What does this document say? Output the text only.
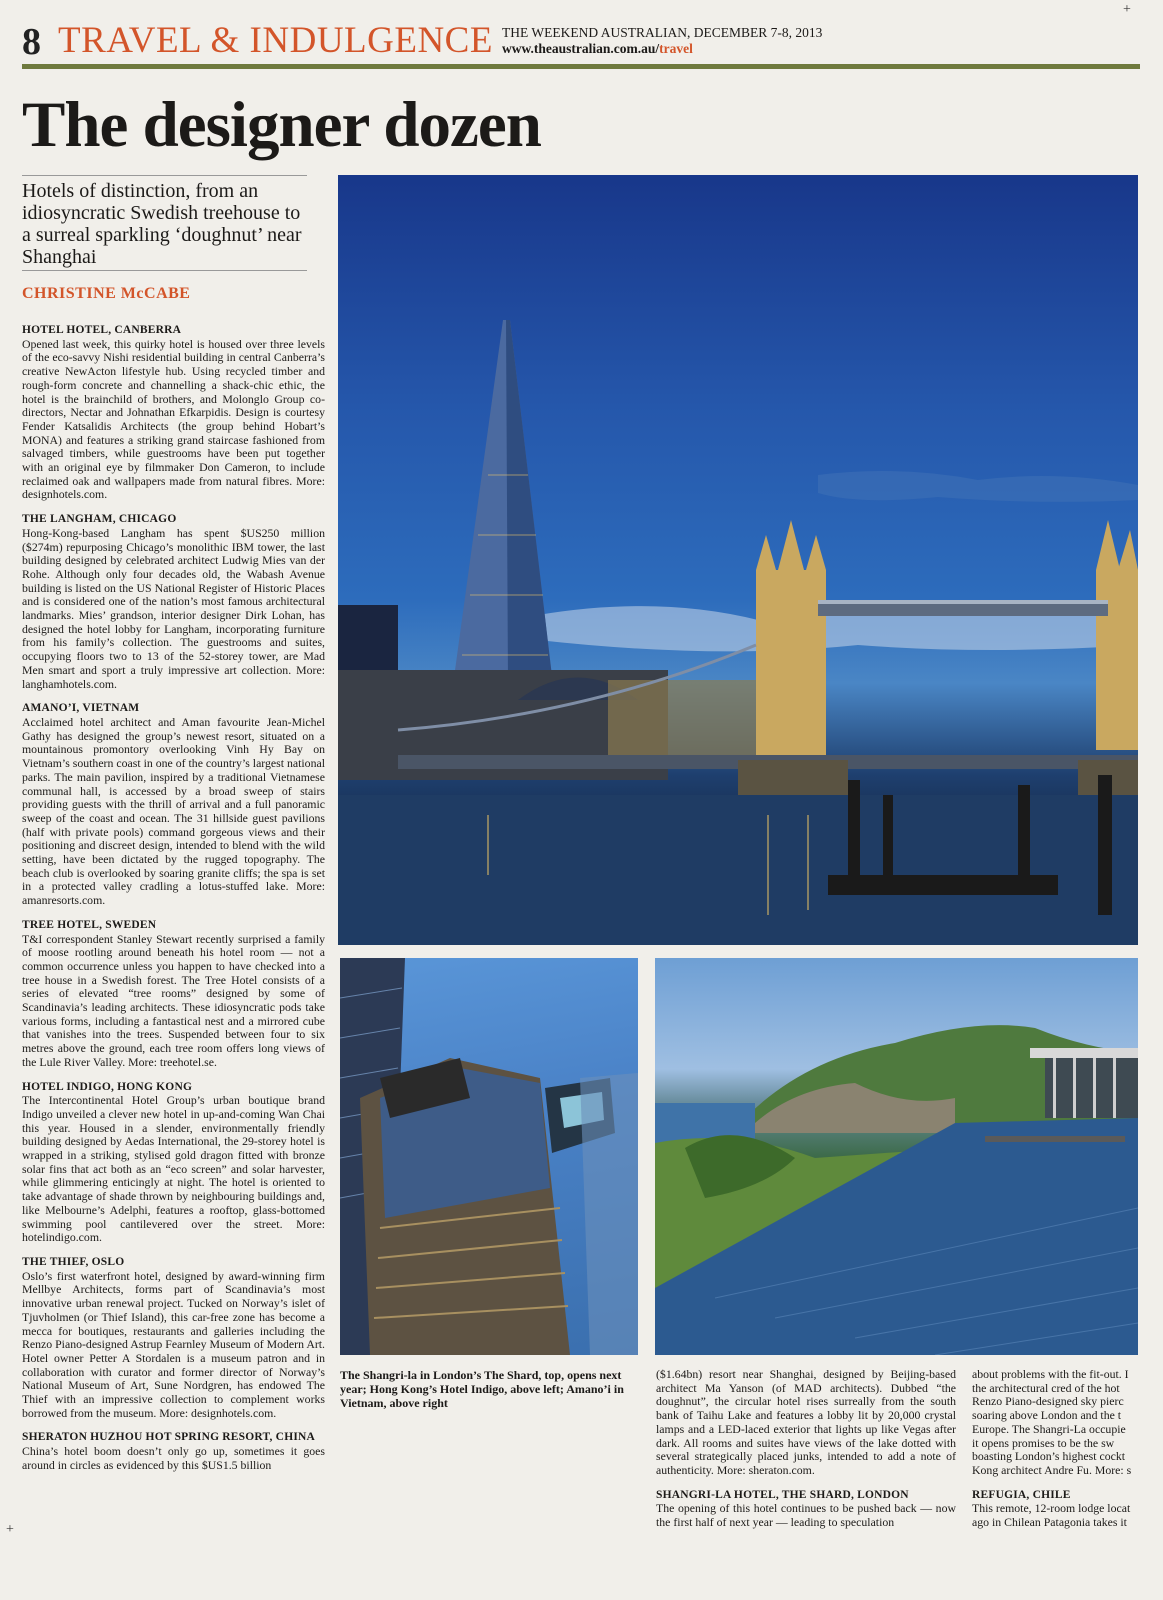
8 TRAVEL & INDULGENCE THE WEEKEND AUSTRALIAN, DECEMBER 7-8, 2013
www.theaustralian.com.au/travel
The designer dozen
Hotels of distinction, from an idiosyncratic Swedish treehouse to a surreal sparkling ‘doughnut’ near Shanghai
CHRISTINE McCABE
HOTEL HOTEL, CANBERRA
Opened last week, this quirky hotel is housed over three levels of the eco-savvy Nishi residential building in central Canberra’s creative NewActon lifestyle hub. Using recycled timber and rough-form concrete and channelling a shack-chic ethic, the hotel is the brainchild of brothers, and Molonglo Group co-directors, Nectar and Johnathan Efkarpidis. Design is courtesy Fender Katsalidis Architects (the group behind Hobart’s MONA) and features a striking grand staircase fashioned from salvaged timbers, while guestrooms have been put together with an original eye by filmmaker Don Cameron, to include reclaimed oak and wallpapers made from natural fibres. More: designhotels.com.
THE LANGHAM, CHICAGO
Hong-Kong-based Langham has spent $US250 million ($274m) repurposing Chicago’s monolithic IBM tower, the last building designed by celebrated architect Ludwig Mies van der Rohe. Although only four decades old, the Wabash Avenue building is listed on the US National Register of Historic Places and is considered one of the nation’s most famous architectural landmarks. Mies’ grandson, interior designer Dirk Lohan, has designed the hotel lobby for Langham, incorporating furniture from his family’s collection. The guestrooms and suites, occupying floors two to 13 of the 52-storey tower, are Mad Men smart and sport a truly impressive art collection. More: langhamhotels.com.
AMANO’I, VIETNAM
Acclaimed hotel architect and Aman favourite Jean-Michel Gathy has designed the group’s newest resort, situated on a mountainous promontory overlooking Vinh Hy Bay on Vietnam’s southern coast in one of the country’s largest national parks. The main pavilion, inspired by a traditional Vietnamese communal hall, is accessed by a broad sweep of stairs providing guests with the thrill of arrival and a full panoramic sweep of the coast and ocean. The 31 hillside guest pavilions (half with private pools) command gorgeous views and their positioning and discreet design, intended to blend with the wild setting, have been dictated by the rugged topography. The beach club is overlooked by soaring granite cliffs; the spa is set in a protected valley cradling a lotus-stuffed lake. More: amanresorts.com.
TREE HOTEL, SWEDEN
T&I correspondent Stanley Stewart recently surprised a family of moose rootling around beneath his hotel room — not a common occurrence unless you happen to have checked into a tree house in a Swedish forest. The Tree Hotel consists of a series of elevated “tree rooms” designed by some of Scandinavia’s leading architects. These idiosyncratic pods take various forms, including a fantastical nest and a mirrored cube that vanishes into the trees. Suspended between four to six metres above the ground, each tree room offers long views of the Lule River Valley. More: treehotel.se.
HOTEL INDIGO, HONG KONG
The Intercontinental Hotel Group’s urban boutique brand Indigo unveiled a clever new hotel in up-and-coming Wan Chai this year. Housed in a slender, environmentally friendly building designed by Aedas International, the 29-storey hotel is wrapped in a striking, stylised gold dragon fitted with bronze solar fins that act both as an “eco screen” and solar harvester, while glimmering enticingly at night. The hotel is oriented to take advantage of shade thrown by neighbouring buildings and, like Melbourne’s Adelphi, features a rooftop, glass-bottomed swimming pool cantilevered over the street. More: hotelindigo.com.
THE THIEF, OSLO
Oslo’s first waterfront hotel, designed by award-winning firm Mellbye Architects, forms part of Scandinavia’s most innovative urban renewal project. Tucked on Norway’s islet of Tjuvholmen (or Thief Island), this car-free zone has become a mecca for boutiques, restaurants and galleries including the Renzo Piano-designed Astrup Fearnley Museum of Modern Art. Hotel owner Petter A Stordalen is a museum patron and in collaboration with curator and former director of Norway’s National Museum of Art, Sune Nordgren, has endowed The Thief with an impressive collection to complement works borrowed from the museum. More: designhotels.com.
SHERATON HUZHOU HOT SPRING RESORT, CHINA
China’s hotel boom doesn’t only go up, sometimes it goes around in circles as evidenced by this $US1.5 billion
The Shangri-la in London’s The Shard, top, opens next year; Hong Kong’s Hotel Indigo, above left; Amano’i in Vietnam, above right
($1.64bn) resort near Shanghai, designed by Beijing-based architect Ma Yanson (of MAD architects). Dubbed “the doughnut”, the circular hotel rises surreally from the south bank of Taihu Lake and features a lobby lit by 20,000 crystal lamps and a LED-laced exterior that lights up like Vegas after dark. All rooms and suites have views of the lake dotted with several strategically placed junks, intended to add a note of authenticity. More: sheraton.com.
SHANGRI-LA HOTEL, THE SHARD, LONDON
The opening of this hotel continues to be pushed back — now the first half of next year — leading to speculation
about problems with the fit-out. I
the architectural cred of the hot
Renzo Piano-designed sky pierc
soaring above London and the t
Europe. The Shangri-La occupie
it opens promises to be the sw
boasting London’s highest cockt
Kong architect Andre Fu. More: s
REFUGIA, CHILE
This remote, 12-room lodge locat
ago in Chilean Patagonia takes it
+
+
